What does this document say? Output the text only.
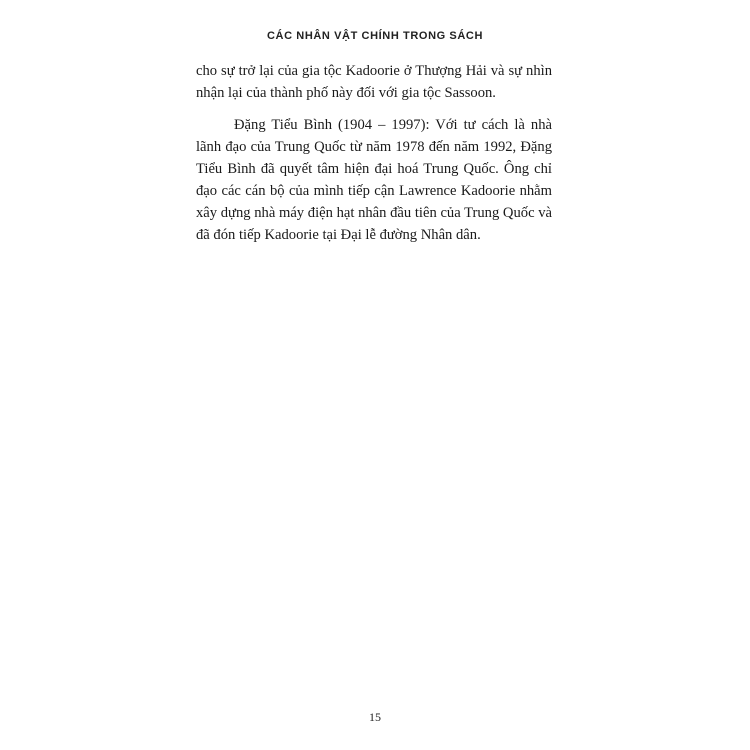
CÁC NHÂN VẬT CHÍNH TRONG SÁCH

cho sự trở lại của gia tộc Kadoorie ở Thượng Hải và sự nhìn nhận lại của thành phố này đối với gia tộc Sassoon.

Đặng Tiểu Bình (1904 – 1997): Với tư cách là nhà lãnh đạo của Trung Quốc từ năm 1978 đến năm 1992, Đặng Tiểu Bình đã quyết tâm hiện đại hoá Trung Quốc. Ông chỉ đạo các cán bộ của mình tiếp cận Lawrence Kadoorie nhằm xây dựng nhà máy điện hạt nhân đầu tiên của Trung Quốc và đã đón tiếp Kadoorie tại Đại lễ đường Nhân dân.

15
